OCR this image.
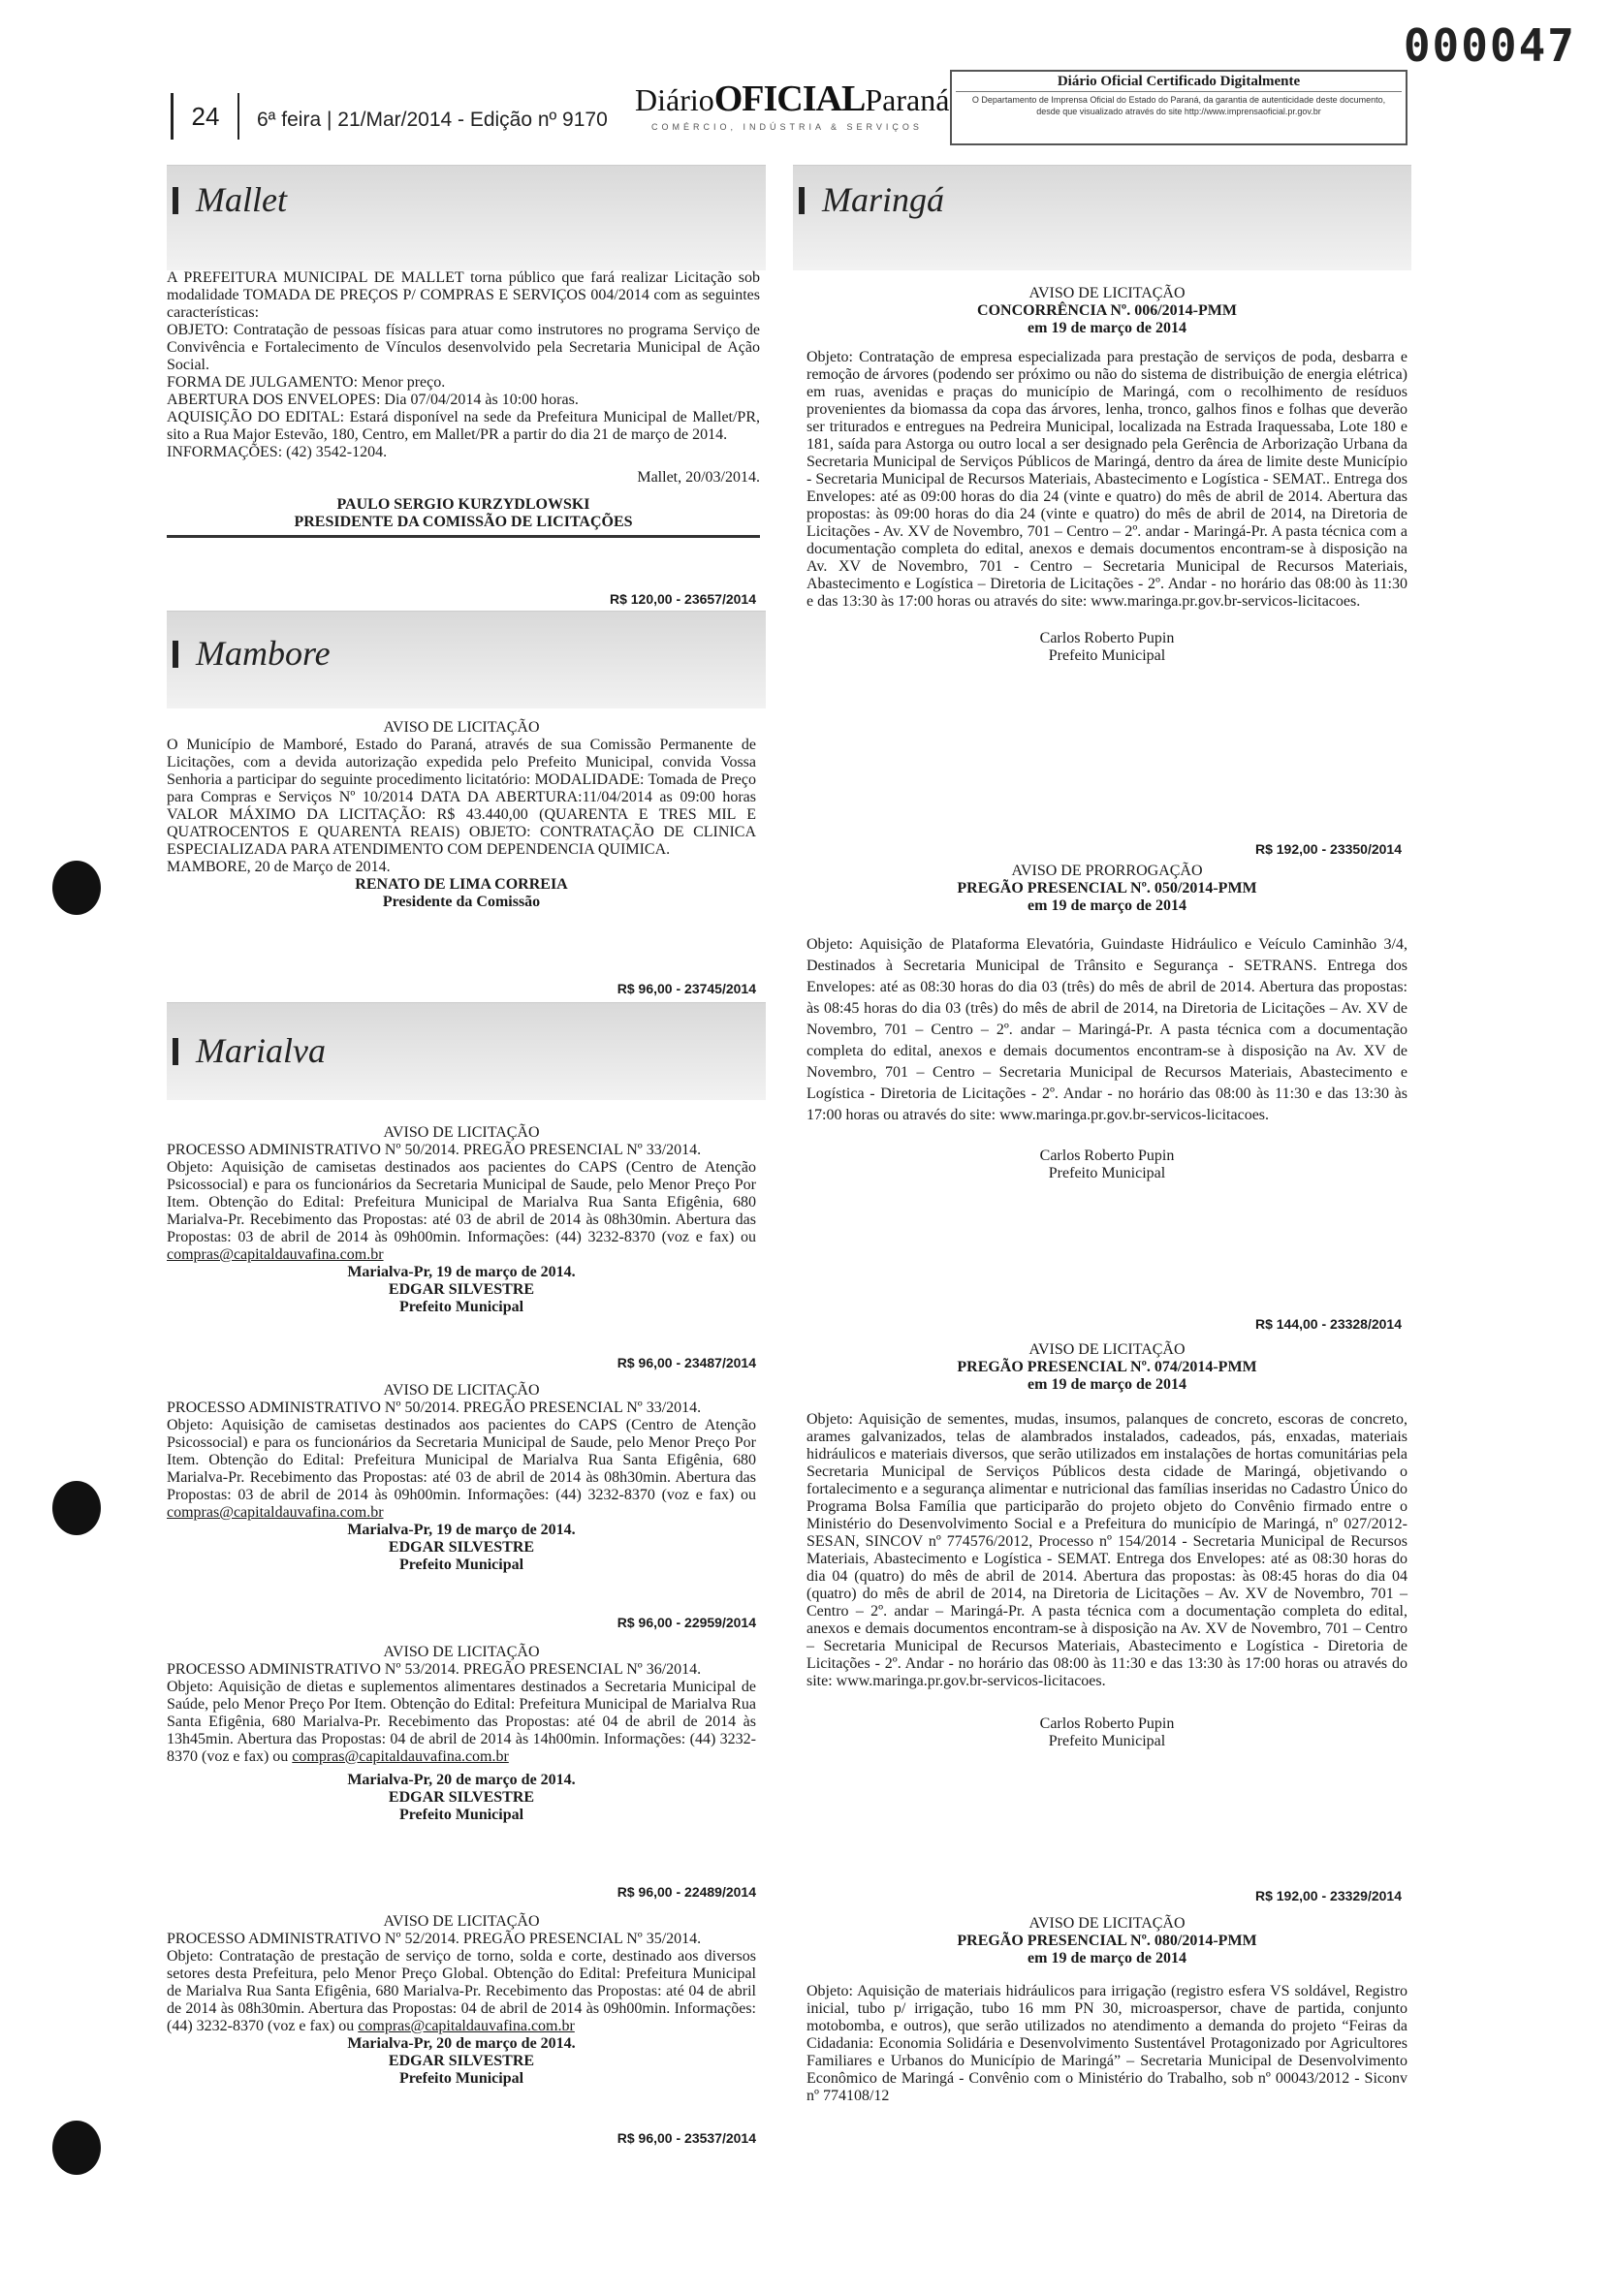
000047
24	6ª feira | 21/Mar/2014 - Edição nº 9170
DiárioOFICIALParaná
COMÉRCIO, INDÚSTRIA & SERVIÇOS
Diário Oficial Certificado Digitalmente
O Departamento de Imprensa Oficial do Estado do Paraná, da garantia de autenticidade deste documento, desde que visualizado através do site http://www.imprensaoficial.pr.gov.br
Mallet	Maringá

A PREFEITURA MUNICIPAL DE MALLET torna público que fará realizar Licitação sob modalidade TOMADA DE PREÇOS P/ COMPRAS E SERVIÇOS 004/2014 com as seguintes características:

OBJETO: Contratação de pessoas físicas para atuar como instrutores no programa Serviço de Convivência e Fortalecimento de Vínculos desenvolvido pela Secretaria Municipal de Ação Social.

FORMA DE JULGAMENTO: Menor preço.

ABERTURA DOS ENVELOPES: Dia 07/04/2014 às 10:00 horas.

AQUISIÇÃO DO EDITAL: Estará disponível na sede da Prefeitura Municipal de Mallet/PR, sito a Rua Major Estevão, 180, Centro, em Mallet/PR a partir do dia 21 de março de 2014.

INFORMAÇÕES: (42) 3542-1204.

Mallet, 20/03/2014.

PAULO SERGIO KURZYDLOWSKI

PRESIDENTE DA COMISSÃO DE LICITAÇÕES

R$ 120,00 - 23657/2014
Mambore

AVISO DE LICITAÇÃO

O Município de Mamboré, Estado do Paraná, através de sua Comissão Permanente de Licitações, com a devida autorização expedida pelo Prefeito Municipal, convida Vossa Senhoria a participar do seguinte procedimento licitatório: MODALIDADE: Tomada de Preço para Compras e Serviços Nº 10/2014 DATA DA ABERTURA:11/04/2014 as 09:00 horas VALOR MÁXIMO DA LICITAÇÃO: R$ 43.440,00 (QUARENTA E TRES MIL E QUATROCENTOS E QUARENTA REAIS) OBJETO: CONTRATAÇÃO DE CLINICA ESPECIALIZADA PARA ATENDIMENTO COM DEPENDENCIA QUIMICA.

MAMBORE, 20 de Março de 2014.

RENATO DE LIMA CORREIA

Presidente da Comissão

R$ 96,00 - 23745/2014
Marialva

AVISO DE LICITAÇÃO

PROCESSO ADMINISTRATIVO Nº 50/2014. PREGÃO PRESENCIAL Nº 33/2014.

Objeto: Aquisição de camisetas destinados aos pacientes do CAPS (Centro de Atenção Psicossocial) e para os funcionários da Secretaria Municipal de Saude, pelo Menor Preço Por Item. Obtenção do Edital: Prefeitura Municipal de Marialva Rua Santa Efigênia, 680 Marialva-Pr. Recebimento das Propostas: até 03 de abril de 2014 às 08h30min. Abertura das Propostas: 03 de abril de 2014 às 09h00min. Informações: (44) 3232-8370 (voz e fax) ou compras@capitaldauvafina.com.br

Marialva-Pr, 19 de março de 2014.

EDGAR SILVESTRE

Prefeito Municipal

R$ 96,00 - 23487/2014

AVISO DE LICITAÇÃO

PROCESSO ADMINISTRATIVO Nº 50/2014. PREGÃO PRESENCIAL Nº 33/2014.

Objeto: Aquisição de camisetas destinados aos pacientes do CAPS (Centro de Atenção Psicossocial) e para os funcionários da Secretaria Municipal de Saude, pelo Menor Preço Por Item. Obtenção do Edital: Prefeitura Municipal de Marialva Rua Santa Efigênia, 680 Marialva-Pr. Recebimento das Propostas: até 03 de abril de 2014 às 08h30min. Abertura das Propostas: 03 de abril de 2014 às 09h00min. Informações: (44) 3232-8370 (voz e fax) ou compras@capitaldauvafina.com.br

Marialva-Pr, 19 de março de 2014.

EDGAR SILVESTRE

Prefeito Municipal

R$ 96,00 - 22959/2014

AVISO DE LICITAÇÃO

PROCESSO ADMINISTRATIVO Nº 53/2014. PREGÃO PRESENCIAL Nº 36/2014.

Objeto: Aquisição de dietas e suplementos alimentares destinados a Secretaria Municipal de Saúde, pelo Menor Preço Por Item. Obtenção do Edital: Prefeitura Municipal de Marialva Rua Santa Efigênia, 680 Marialva-Pr. Recebimento das Propostas: até 04 de abril de 2014 às 13h45min. Abertura das Propostas: 04 de abril de 2014 às 14h00min. Informações: (44) 3232-8370 (voz e fax) ou compras@capitaldauvafina.com.br

Marialva-Pr, 20 de março de 2014.

EDGAR SILVESTRE

Prefeito Municipal

R$ 96,00 - 22489/2014

AVISO DE LICITAÇÃO

PROCESSO ADMINISTRATIVO Nº 52/2014. PREGÃO PRESENCIAL Nº 35/2014.

Objeto: Contratação de prestação de serviço de torno, solda e corte, destinado aos diversos setores desta Prefeitura, pelo Menor Preço Global. Obtenção do Edital: Prefeitura Municipal de Marialva Rua Santa Efigênia, 680 Marialva-Pr. Recebimento das Propostas: até 04 de abril de 2014 às 08h30min. Abertura das Propostas: 04 de abril de 2014 às 09h00min. Informações: (44) 3232-8370 (voz e fax) ou compras@capitaldauvafina.com.br

Marialva-Pr, 20 de março de 2014.

EDGAR SILVESTRE

Prefeito Municipal

R$ 96,00 - 23537/2014

AVISO DE LICITAÇÃO

CONCORRÊNCIA Nº. 006/2014-PMM

em 19 de março de 2014

Objeto: Contratação de empresa especializada para prestação de serviços de poda, desbarra e remoção de árvores (podendo ser próximo ou não do sistema de distribuição de energia elétrica) em ruas, avenidas e praças do município de Maringá, com o recolhimento de resíduos provenientes da biomassa da copa das árvores, lenha, tronco, galhos finos e folhas que deverão ser triturados e entregues na Pedreira Municipal, localizada na Estrada Iraquessaba, Lote 180 e 181, saída para Astorga ou outro local a ser designado pela Gerência de Arborização Urbana da Secretaria Municipal de Serviços Públicos de Maringá, dentro da área de limite deste Município - Secretaria Municipal de Recursos Materiais, Abastecimento e Logística - SEMAT.. Entrega dos Envelopes: até as 09:00 horas do dia 24 (vinte e quatro) do mês de abril de 2014. Abertura das propostas: às 09:00 horas do dia 24 (vinte e quatro) do mês de abril de 2014, na Diretoria de Licitações - Av. XV de Novembro, 701 – Centro – 2º. andar - Maringá-Pr. A pasta técnica com a documentação completa do edital, anexos e demais documentos encontram-se à disposição na Av. XV de Novembro, 701 - Centro – Secretaria Municipal de Recursos Materiais, Abastecimento e Logística – Diretoria de Licitações - 2º. Andar - no horário das 08:00 às 11:30 e das 13:30 às 17:00 horas ou através do site: www.maringa.pr.gov.br-servicos-licitacoes.

Carlos Roberto Pupin

Prefeito Municipal

R$ 192,00 - 23350/2014

AVISO DE PRORROGAÇÃO

PREGÃO PRESENCIAL Nº. 050/2014-PMM

em 19 de março de 2014

Objeto: Aquisição de Plataforma Elevatória, Guindaste Hidráulico e Veículo Caminhão 3/4, Destinados à Secretaria Municipal de Trânsito e Segurança - SETRANS. Entrega dos Envelopes: até as 08:30 horas do dia 03 (três) do mês de abril de 2014. Abertura das propostas: às 08:45 horas do dia 03 (três) do mês de abril de 2014, na Diretoria de Licitações – Av. XV de Novembro, 701 – Centro – 2º. andar – Maringá-Pr. A pasta técnica com a documentação completa do edital, anexos e demais documentos encontram-se à disposição na Av. XV de Novembro, 701 – Centro – Secretaria Municipal de Recursos Materiais, Abastecimento e Logística - Diretoria de Licitações - 2º. Andar - no horário das 08:00 às 11:30 e das 13:30 às 17:00 horas ou através do site: www.maringa.pr.gov.br-servicos-licitacoes.

Carlos Roberto Pupin

Prefeito Municipal

R$ 144,00 - 23328/2014

AVISO DE LICITAÇÃO

PREGÃO PRESENCIAL Nº. 074/2014-PMM

em 19 de março de 2014

Objeto: Aquisição de sementes, mudas, insumos, palanques de concreto, escoras de concreto, arames galvanizados, telas de alambrados instalados, cadeados, pás, enxadas, materiais hidráulicos e materiais diversos, que serão utilizados em instalações de hortas comunitárias pela Secretaria Municipal de Serviços Públicos desta cidade de Maringá, objetivando o fortalecimento e a segurança alimentar e nutricional das famílias inseridas no Cadastro Único do Programa Bolsa Família que participarão do projeto objeto do Convênio firmado entre o Ministério do Desenvolvimento Social e a Prefeitura do município de Maringá, nº 027/2012-SESAN, SINCOV nº 774576/2012, Processo nº 154/2014 - Secretaria Municipal de Recursos Materiais, Abastecimento e Logística - SEMAT. Entrega dos Envelopes: até as 08:30 horas do dia 04 (quatro) do mês de abril de 2014. Abertura das propostas: às 08:45 horas do dia 04 (quatro) do mês de abril de 2014, na Diretoria de Licitações – Av. XV de Novembro, 701 – Centro – 2º. andar – Maringá-Pr. A pasta técnica com a documentação completa do edital, anexos e demais documentos encontram-se à disposição na Av. XV de Novembro, 701 – Centro – Secretaria Municipal de Recursos Materiais, Abastecimento e Logística - Diretoria de Licitações - 2º. Andar - no horário das 08:00 às 11:30 e das 13:30 às 17:00 horas ou através do site: www.maringa.pr.gov.br-servicos-licitacoes.

Carlos Roberto Pupin

Prefeito Municipal

R$ 192,00 - 23329/2014

AVISO DE LICITAÇÃO

PREGÃO PRESENCIAL Nº. 080/2014-PMM

em 19 de março de 2014

Objeto: Aquisição de materiais hidráulicos para irrigação (registro esfera VS soldável, Registro inicial, tubo p/ irrigação, tubo 16 mm PN 30, microaspersor, chave de partida, conjunto motobomba, e outros), que serão utilizados no atendimento a demanda do projeto “Feiras da Cidadania: Economia Solidária e Desenvolvimento Sustentável Protagonizado por Agricultores Familiares e Urbanos do Município de Maringá” – Secretaria Municipal de Desenvolvimento Econômico de Maringá - Convênio com o Ministério do Trabalho, sob nº 00043/2012 - Siconv nº 774108/12
